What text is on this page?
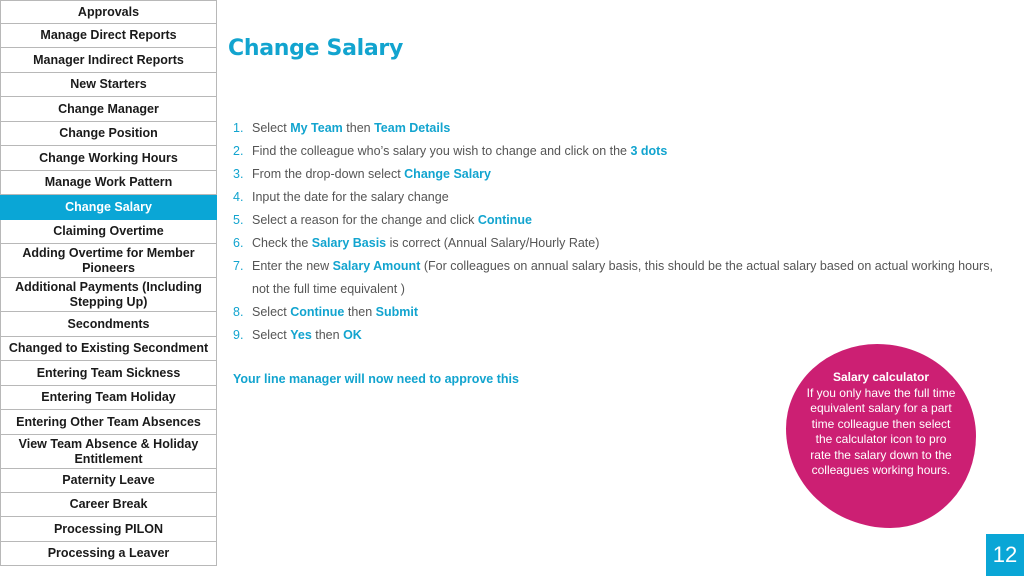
Approvals
Manage Direct Reports
Manager Indirect Reports
New Starters
Change Manager
Change Position
Change Working Hours
Manage Work Pattern
Change Salary
Claiming Overtime
Adding Overtime for Member Pioneers
Additional Payments (Including Stepping Up)
Secondments
Changed to Existing Secondment
Entering Team Sickness
Entering Team Holiday
Entering Other Team Absences
View Team Absence & Holiday Entitlement
Paternity Leave
Career Break
Processing PILON
Processing a Leaver
Change Salary
1. Select My Team then Team Details
2. Find the colleague who’s salary you wish to change and click on the 3 dots
3. From the drop-down select Change Salary
4. Input the date for the salary change
5. Select a reason for the change and click Continue
6. Check the Salary Basis is correct (Annual Salary/Hourly Rate)
7. Enter the new Salary Amount (For colleagues on annual salary basis, this should be the actual salary based on actual working hours, not the full time equivalent )
8. Select Continue then Submit
9. Select Yes then OK
Your line manager will now need to approve this	Salary calculator
If you only have the full time equivalent salary for a part time colleague then select the calculator icon to pro rate the salary down to the colleagues working hours.
12
